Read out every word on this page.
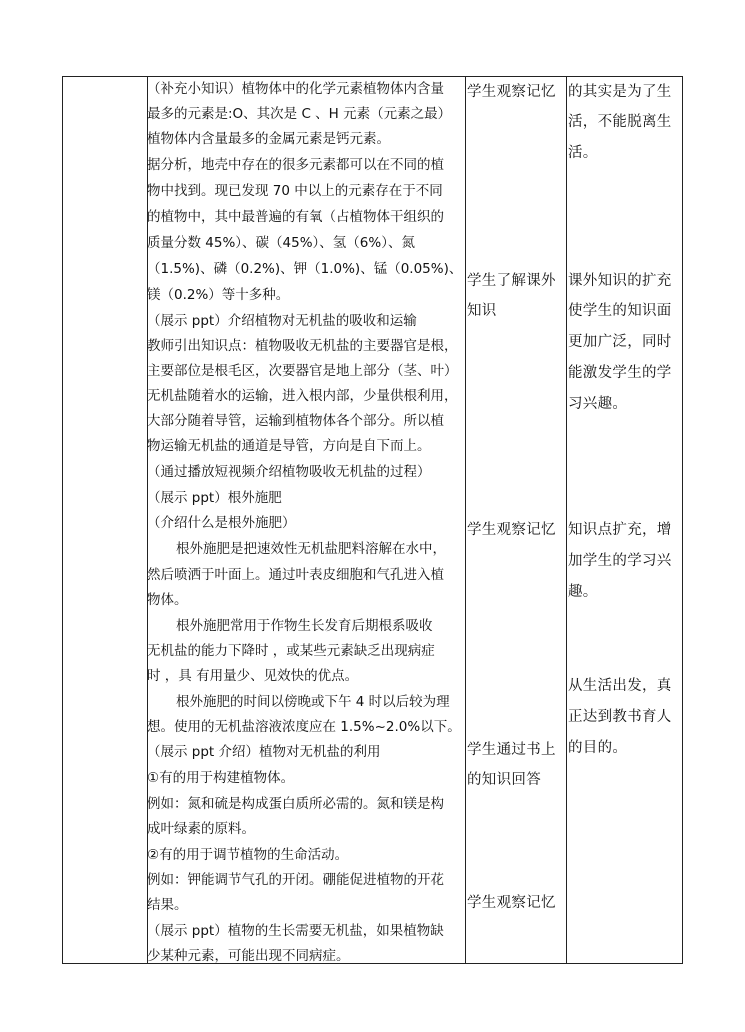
（补充小知识）植物体中的化学元素植物体内含量
最多的元素是:O、其次是 C 、H 元素（元素之最）
植物体内含量最多的金属元素是钙元素。
据分析，地壳中存在的很多元素都可以在不同的植
物中找到。现已发现 70 中以上的元素存在于不同
的植物中，其中最普遍的有氧（占植物体干组织的
质量分数 45%）、碳（45%）、氢（6%）、氮
（1.5%)、磷（0.2%)、钾（1.0%)、锰（0.05%)、
镁（0.2%）等十多种。
（展示 ppt）介绍植物对无机盐的吸收和运输
教师引出知识点：植物吸收无机盐的主要器官是根，
主要部位是根毛区，次要器官是地上部分（茎、叶）
无机盐随着水的运输，进入根内部，少量供根利用，
大部分随着导管，运输到植物体各个部分。所以植
物运输无机盐的通道是导管，方向是自下而上。
（通过播放短视频介绍植物吸收无机盐的过程）
（展示 ppt）根外施肥
（介绍什么是根外施肥）
根外施肥是把速效性无机盐肥料溶解在水中，
然后喷洒于叶面上。通过叶表皮细胞和气孔进入植
物体。
根外施肥常用于作物生长发育后期根系吸收
无机盐的能力下降时 ，或某些元素缺乏出现病症
时 ，具 有用量少、见效快的优点。
根外施肥的时间以傍晚或下午 4 时以后较为理
想。使用的无机盐溶液浓度应在 1.5%~2.0%以下。
（展示 ppt 介绍）植物对无机盐的利用
①有的用于构建植物体。
例如：氮和硫是构成蛋白质所必需的。氮和镁是构
成叶绿素的原料。
②有的用于调节植物的生命活动。
例如：钾能调节气孔的开闭。硼能促进植物的开花
结果。
（展示 ppt）植物的生长需要无机盐，如果植物缺
少某种元素，可能出现不同病症。
学生观察记忆
学生了解课外
知识
学生观察记忆
学生通过书上
的知识回答
学生观察记忆
的其实是为了生
活，不能脱离生
活。
课外知识的扩充
使学生的知识面
更加广泛，同时
能激发学生的学
习兴趣。
知识点扩充，增
加学生的学习兴
趣。
从生活出发，真
正达到教书育人
的目的。
